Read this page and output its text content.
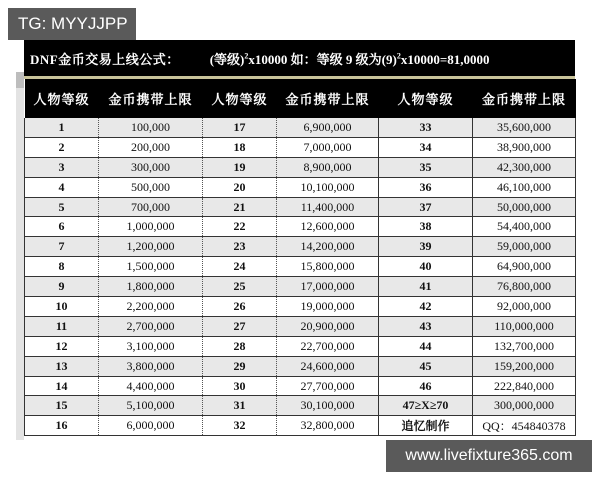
TG: MYYJJPP
DNF金币交易上线公式： (等级)$^2$x10000 如：等级 9 级为$(9)^2x10000=81,0000$
人物等级	金币携带上限	人物等级	金币携带上限	人物等级	金币携带上限
1	100,000	17	6,900,000	33	35,600,000
2	200,000	18	7,000,000	34	38,900,000
3	300,000	19	8,900,000	35	42,300,000
4	500,000	20	10,100,000	36	46,100,000
5	700,000	21	11,400,000	37	50,000,000
6	1,000,000	22	12,600,000	38	54,400,000
7	1,200,000	23	14,200,000	39	59,000,000
8	1,500,000	24	15,800,000	40	64,900,000
9	1,800,000	25	17,000,000	41	76,800,000
10	2,200,000	26	19,000,000	42	92,000,000
11	2,700,000	27	20,900,000	43	110,000,000
12	3,100,000	28	22,700,000	44	132,700,000
13	3,800,000	29	24,600,000	45	159,200,000
14	4,400,000	30	27,700,000	46	222,840,000
15	5,100,000	31	30,100,000	47≥X≥70	300,000,000
16	6,000,000	32	32,800,000	追忆制作	QQ：454840378
www.livefixture365.com
